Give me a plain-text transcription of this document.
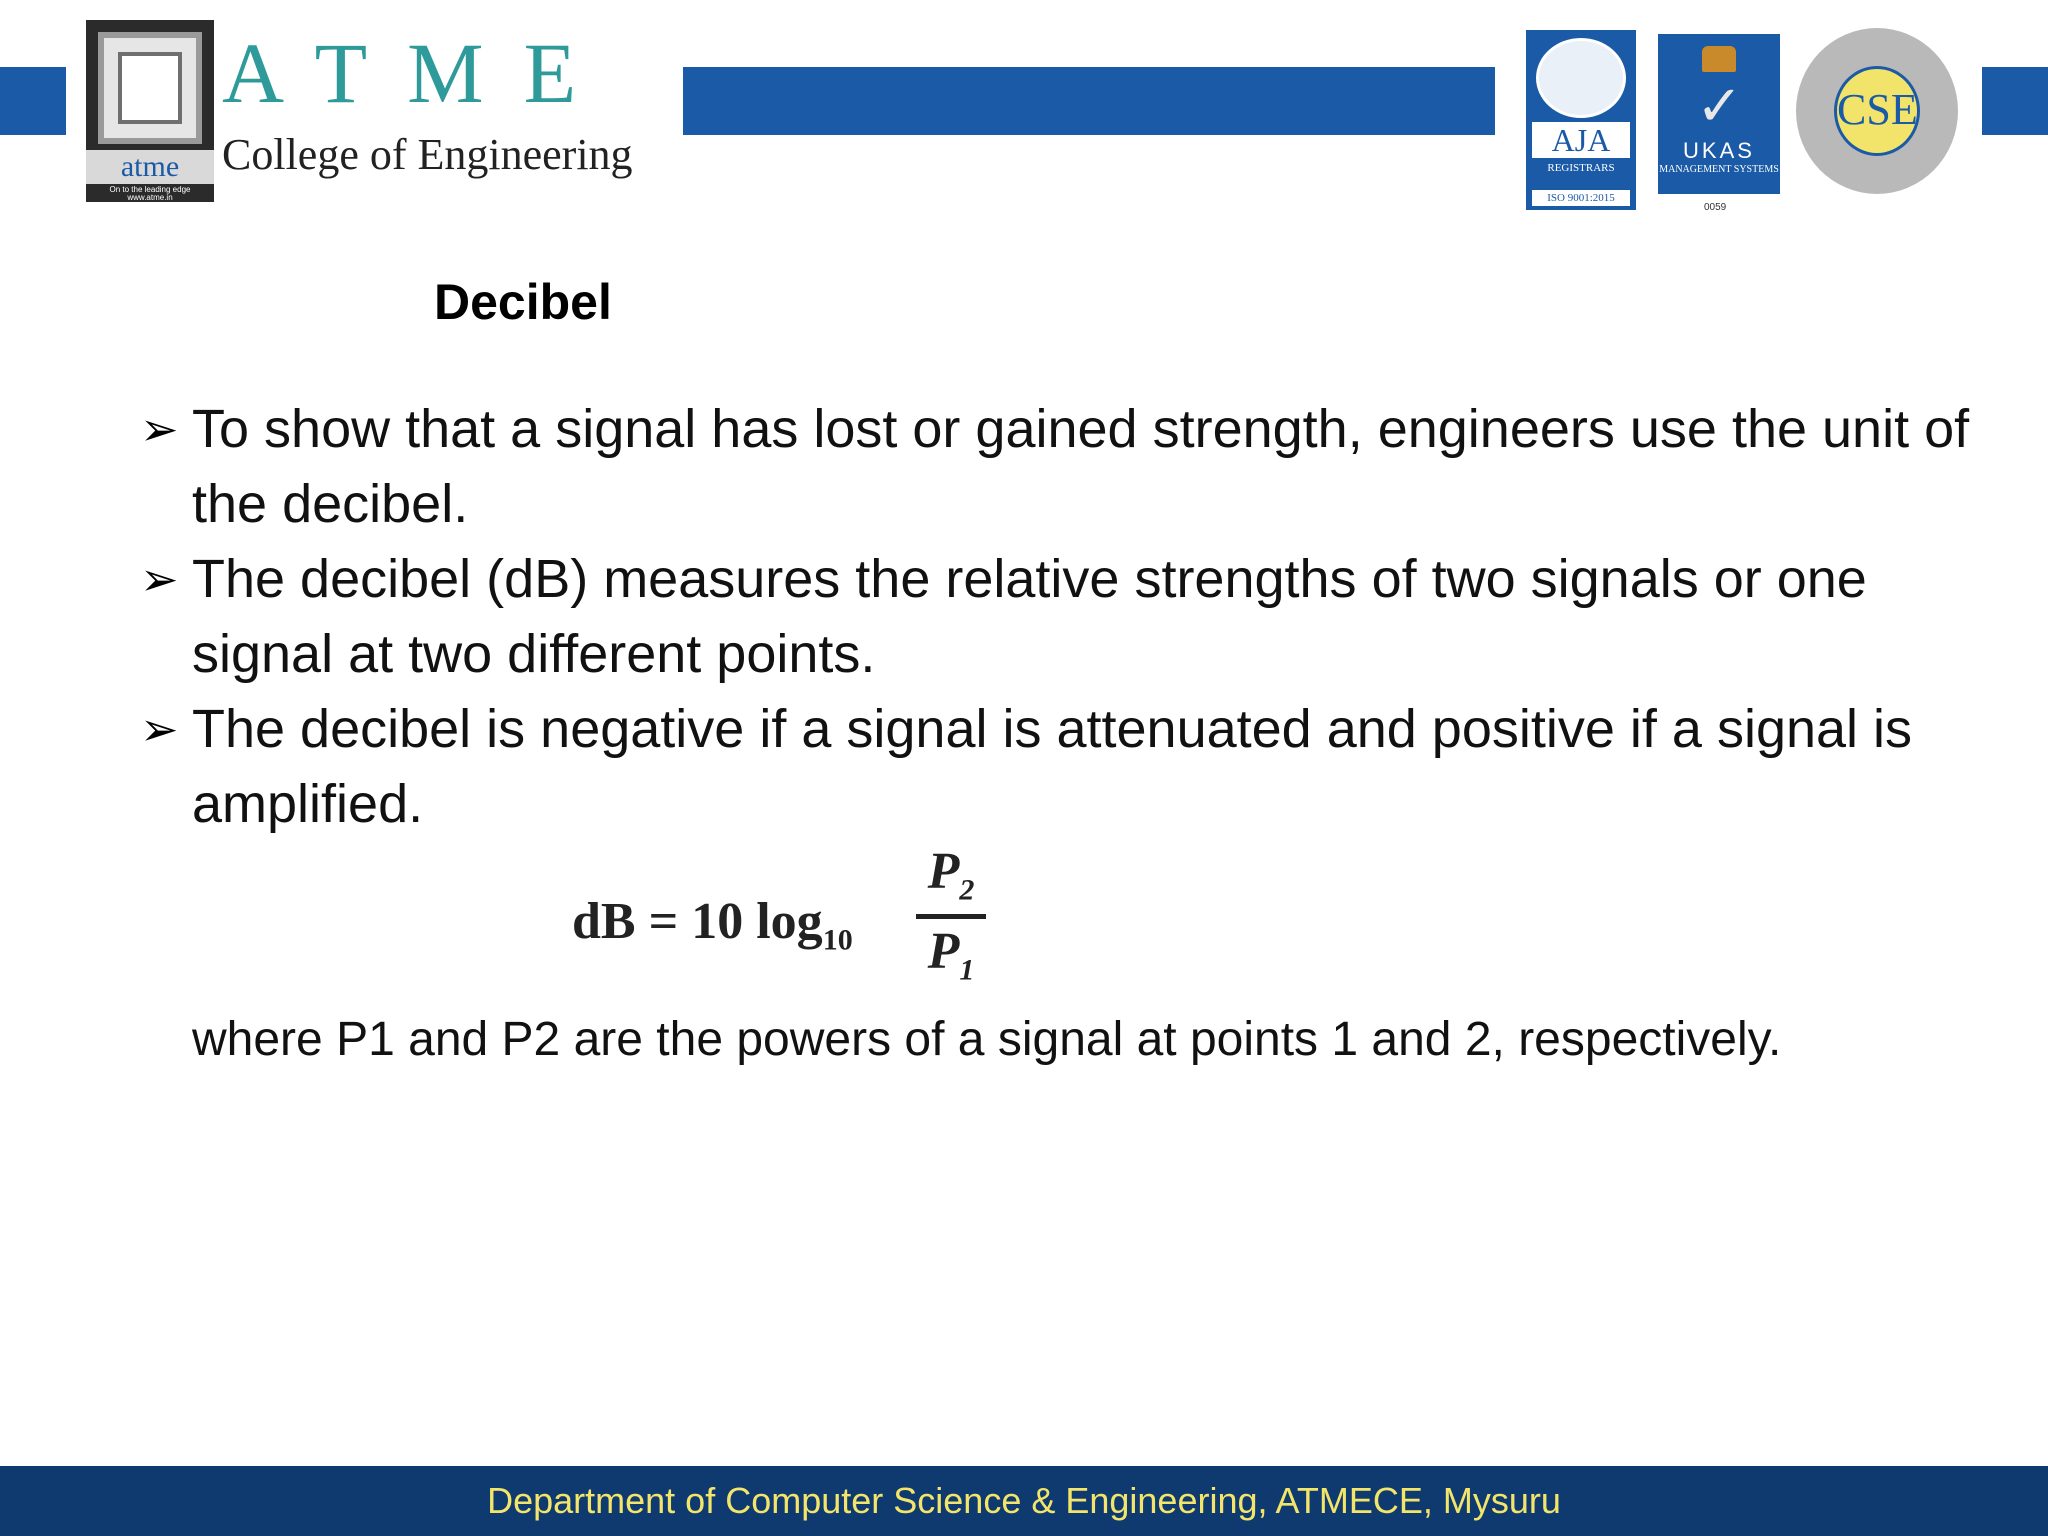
atme
On to the leading edge
www.atme.in
ATME
College of Engineering	AJA
REGISTRARS
ISO 9001:2015
✓
UKAS
MANAGEMENT SYSTEMS
0059
CSE
Decibel
➢ To show that a signal has lost or gained strength, engineers use the unit of the decibel.
➢ The decibel (dB) measures the relative strengths of two signals or one signal at two different points.
➢ The decibel is negative if a signal is attenuated and positive if a signal is amplified.
dB = 10 $\log_{10}$
$P_2$
$P_1$
where P1 and P2 are the powers of a signal at points 1 and 2, respectively.
Department of Computer Science & Engineering, ATMECE, Mysuru
